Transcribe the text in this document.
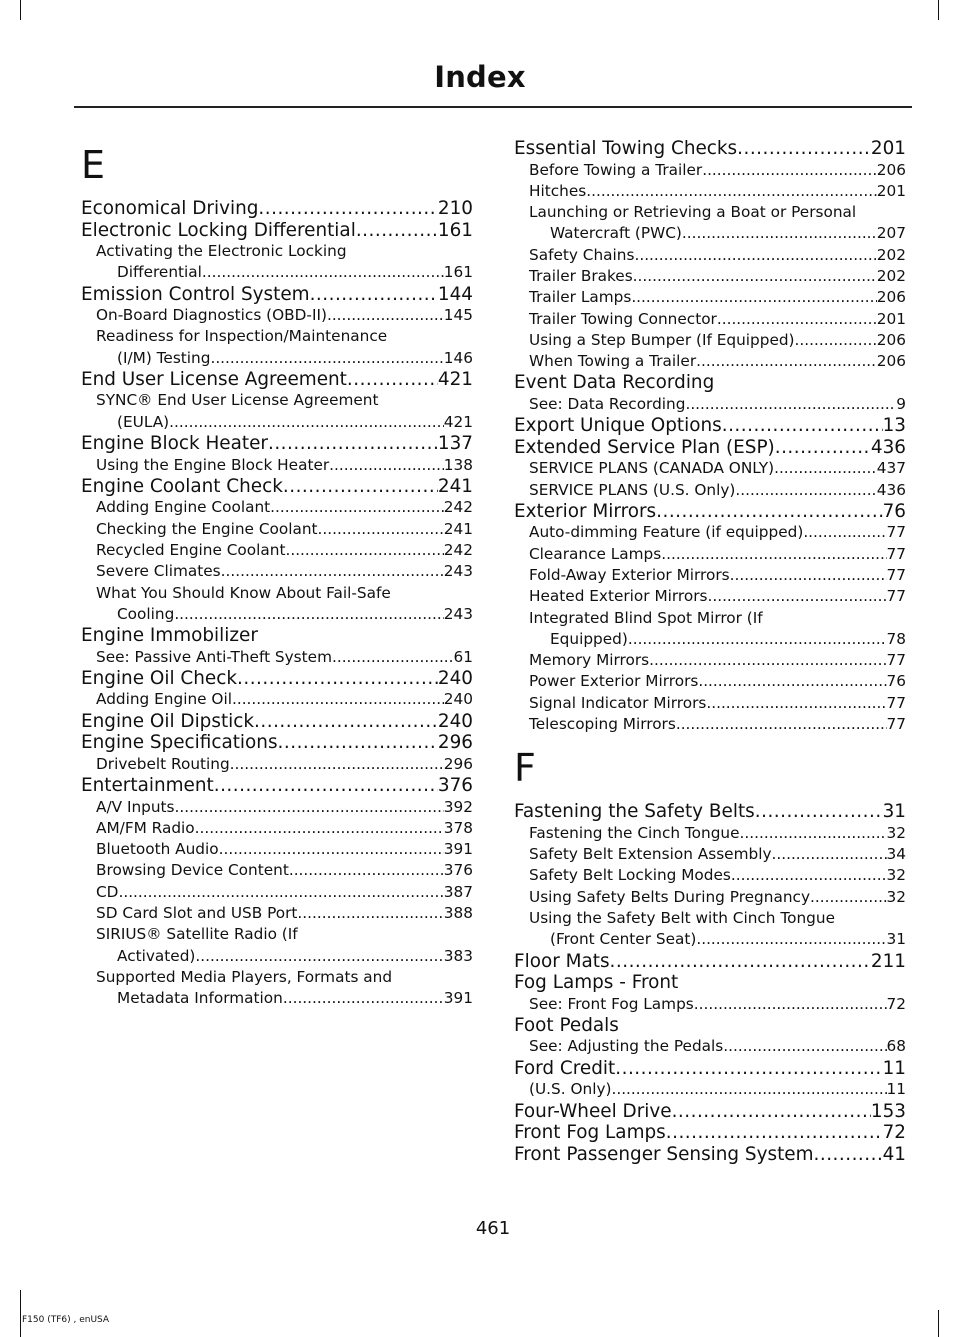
Index
E
Economical Driving .....	210
Electronic Locking Differential .....	161
Activating the Electronic Locking
Differential .....	161
Emission Control System .....	144
On-Board Diagnostics (OBD-II) .....	145
Readiness for Inspection/Maintenance
(I/M) Testing .....	146
End User License Agreement .....	421
SYNC® End User License Agreement
(EULA) .....	421
Engine Block Heater .....	137
Using the Engine Block Heater .....	138
Engine Coolant Check .....	241
Adding Engine Coolant .....	242
Checking the Engine Coolant .....	241
Recycled Engine Coolant .....	242
Severe Climates .....	243
What You Should Know About Fail-Safe
Cooling .....	243
Engine Immobilizer
See: Passive Anti-Theft System .....	61
Engine Oil Check .....	240
Adding Engine Oil .....	240
Engine Oil Dipstick .....	240
Engine Specifications .....	296
Drivebelt Routing .....	296
Entertainment .....	376
A/V Inputs .....	392
AM/FM Radio .....	378
Bluetooth Audio .....	391
Browsing Device Content .....	376
CD .....	387
SD Card Slot and USB Port .....	388
SIRIUS® Satellite Radio (If
Activated) .....	383
Supported Media Players, Formats and
Metadata Information .....	391
Essential Towing Checks .....	201
Before Towing a Trailer .....	206
Hitches .....	201
Launching or Retrieving a Boat or Personal
Watercraft (PWC) .....	207
Safety Chains .....	202
Trailer Brakes .....	202
Trailer Lamps .....	206
Trailer Towing Connector .....	201
Using a Step Bumper (If Equipped) .....	206
When Towing a Trailer .....	206
Event Data Recording
See: Data Recording .....	9
Export Unique Options .....	13
Extended Service Plan (ESP) .....	436
SERVICE PLANS (CANADA ONLY) .....	437
SERVICE PLANS (U.S. Only) .....	436
Exterior Mirrors .....	76
Auto-dimming Feature (if equipped) .....	77
Clearance Lamps .....	77
Fold-Away Exterior Mirrors .....	77
Heated Exterior Mirrors .....	77
Integrated Blind Spot Mirror (If
Equipped) .....	78
Memory Mirrors .....	77
Power Exterior Mirrors .....	76
Signal Indicator Mirrors .....	77
Telescoping Mirrors .....	77
F
Fastening the Safety Belts .....	31
Fastening the Cinch Tongue .....	32
Safety Belt Extension Assembly .....	34
Safety Belt Locking Modes .....	32
Using Safety Belts During Pregnancy .....	32
Using the Safety Belt with Cinch Tongue
(Front Center Seat) .....	31
Floor Mats .....	211
Fog Lamps - Front
See: Front Fog Lamps .....	72
Foot Pedals
See: Adjusting the Pedals .....	68
Ford Credit .....	11
(U.S. Only) .....	11
Four-Wheel Drive .....	153
Front Fog Lamps .....	72
Front Passenger Sensing System .....	41
461
F150 (TF6) , enUSA
